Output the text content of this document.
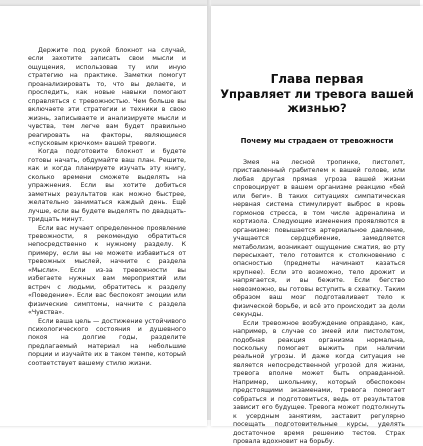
Держите под рукой блокнот на случай, если захотите записать свои мысли и ощущения, использовав ту или иную стратегию на практике. Заметки помогут проанализировать то, что вы делаете, и проследить, как новые навыки помогают справляться с тревожностью. Чем больше вы включаете эти стратегии и техники в свою жизнь, записываете и анализируете мысли и чувства, тем легче вам будет правильно реагировать на факторы, являющиеся «спусковым крючком» вашей тревоги.

Когда подготовите блокнот и будете готовы начать, обдумайте ваш план. Решите, как и когда планируете изучать эту книгу, сколько времени сможете выделять на упражнения. Если вы хотите добиться заметных результатов как можно быстрее, желательно заниматься каждый день. Ещё лучше, если вы будете выделять по двадцать-тридцать минут.

Если вас мучает определенное проявление тревожности, я рекомендую обратиться непосредственно к нужному разделу. К примеру, если вы не можете избавиться от тревожных мыслей, начните с раздела «Мысли». Если из-за тревожности вы избегаете нужных вам мероприятий или встреч с людьми, обратитесь к разделу «Поведение». Если вас беспокоят эмоции или физические симптомы, начните с раздела «Чувства».

Если ваша цель — достижение устойчивого психологического состояния и душевного покоя на долгие годы, разделите предлагаемый материал на небольшие порции и изучайте их в таком темпе, который соответствует вашему стилю жизни.

Глава первая
Управляет ли тревога вашей жизнью?
Почему мы страдаем от тревожности

Змея на лесной тропинке, пистолет, приставленный грабителем к вашей голове, или любая другая прямая угроза вашей жизни спровоцирует в вашем организме реакцию «бей или беги». В таких ситуациях симпатическая нервная система стимулирует выброс в кровь гормонов стресса, в том числе адреналина и кортизола. Следующие изменения проявляются в организме: повышается артериальное давление, учащается сердцебиение, замедляется метаболизм, возникает ощущение сжатия, во рту пересыхает, тело готовится к столкновению с опасностью (предметы начинают казаться крупнее). Если это возможно, тело дрожит и напрягается, и вы бежите. Если бегство невозможно, вы готовы вступить в схватку. Таким образом ваш мозг подготавливает тело к физической борьбе, и всё это происходит за доли секунды.

Если тревожное возбуждение оправдано, как, например, в случае со змеей или пистолетом, подобная реакция организма нормальна, поскольку помогает выжить при наличии реальной угрозы. И даже когда ситуация не является непосредственной угрозой для жизни, тревога вполне может быть оправданной. Например, школьнику, который обеспокоен предстоящими экзаменами, тревога помогает собраться и подготовиться, ведь от результатов зависит его будущее. Тревога может подтолкнуть к усердным занятиям, заставит регулярно посещать подготовительные курсы, уделять достаточное время решению тестов. Страх провала вдохновит на борьбу.
